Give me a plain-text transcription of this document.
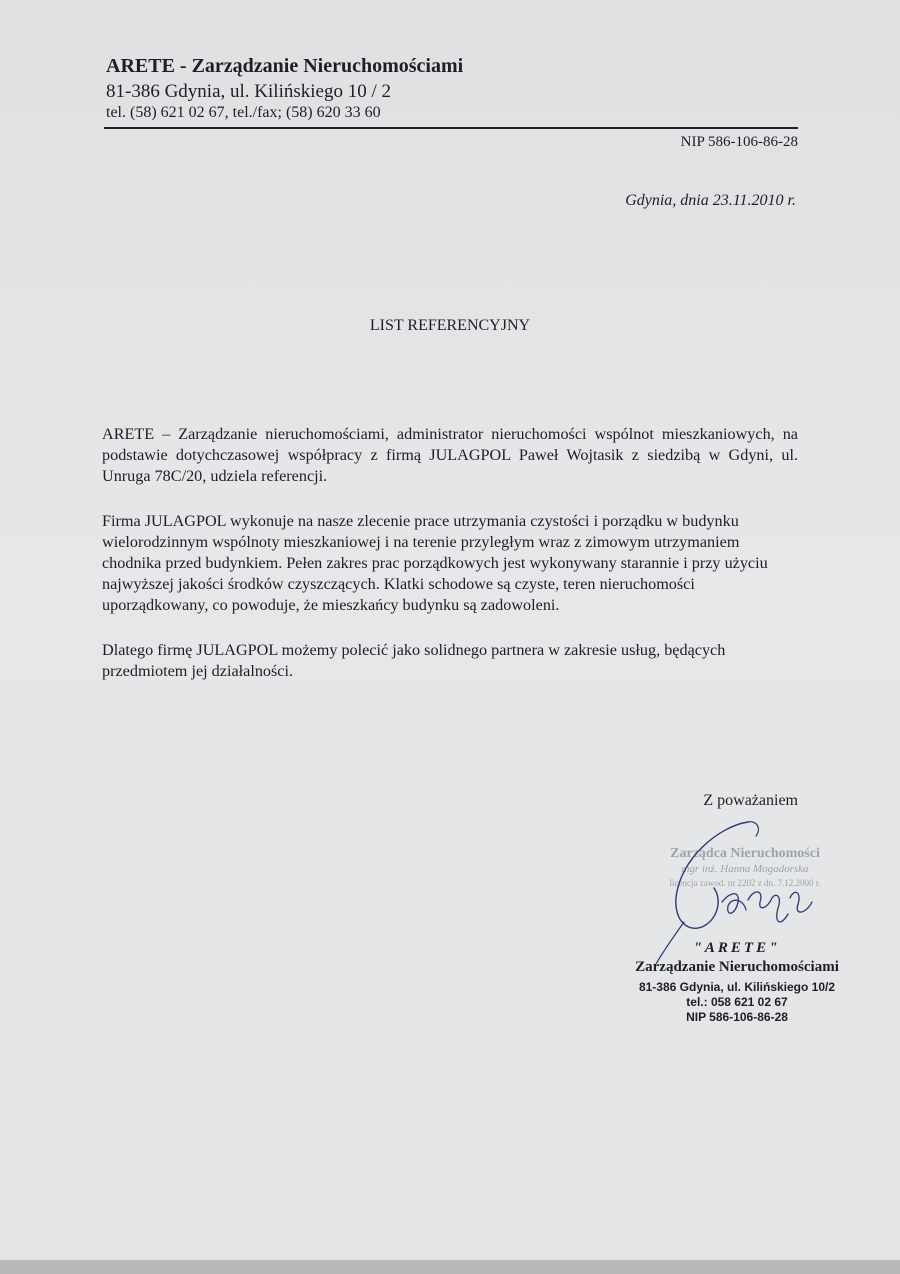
ARETE - Zarządzanie Nieruchomościami
81-386 Gdynia, ul. Kilińskiego 10 / 2
tel. (58) 621 02 67, tel./fax; (58) 620 33 60
NIP 586-106-86-28
Gdynia, dnia 23.11.2010 r.
LIST REFERENCYJNY

ARETE – Zarządzanie nieruchomościami, administrator nieruchomości wspólnot mieszkaniowych, na podstawie dotychczasowej współpracy z firmą JULAGPOL Paweł Wojtasik z siedzibą w Gdyni, ul. Unruga 78C/20, udziela referencji.

Firma JULAGPOL wykonuje na nasze zlecenie prace utrzymania czystości i porządku w budynku wielorodzinnym wspólnoty mieszkaniowej i na terenie przyległym wraz z zimowym utrzymaniem chodnika przed budynkiem. Pełen zakres prac porządkowych jest wykonywany starannie i przy użyciu najwyższej jakości środków czyszczących. Klatki schodowe są czyste, teren nieruchomości uporządkowany, co powoduje, że mieszkańcy budynku są zadowoleni.

Dlatego firmę JULAGPOL możemy polecić jako solidnego partnera w zakresie usług, będących przedmiotem jej działalności.

Z poważaniem
Zarządca Nieruchomości
mgr inż. Hanna Mogadorska
licencja zawod. nr 2202 z dn. 7.12.2000 r.
"ARETE"
Zarządzanie Nieruchomościami
81-386 Gdynia, ul. Kilińskiego 10/2
tel.: 058 621 02 67
NIP 586-106-86-28
